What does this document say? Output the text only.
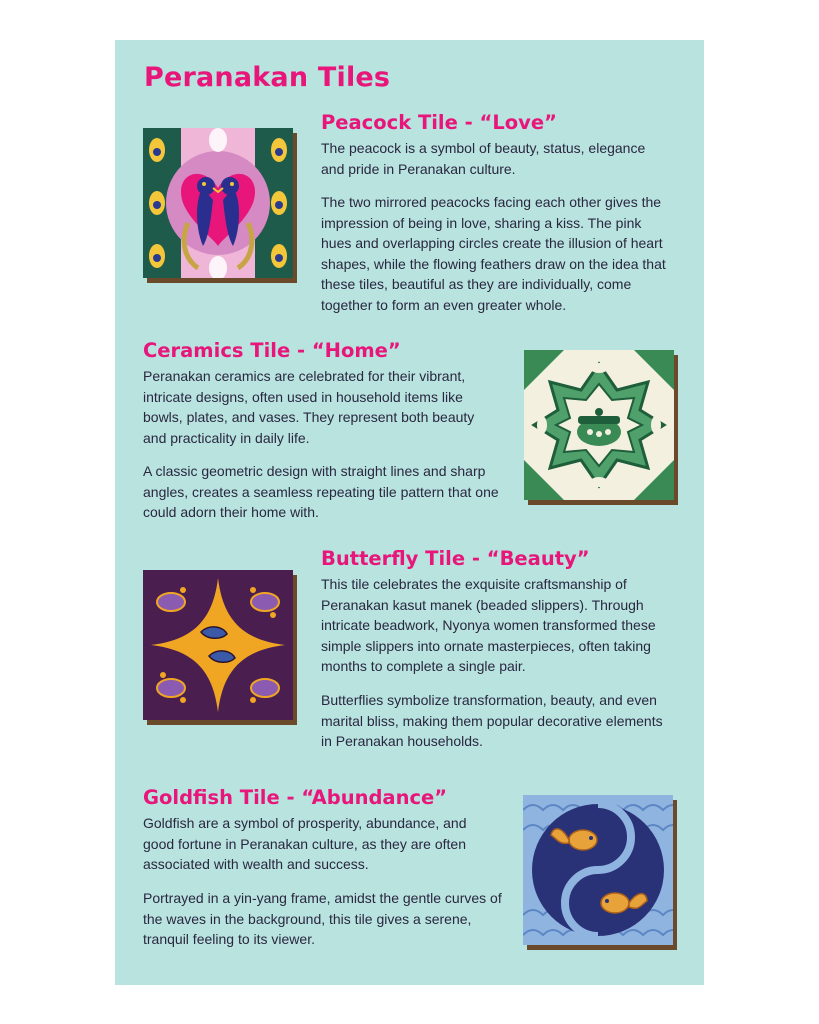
Peranakan Tiles
Peacock Tile - “Love”

The peacock is a symbol of beauty, status, elegance and pride in Peranakan culture.

The two mirrored peacocks facing each other gives the impression of being in love, sharing a kiss. The pink hues and overlapping circles create the illusion of heart shapes, while the flowing feathers draw on the idea that these tiles, beautiful as they are individually, come together to form an even greater whole.

Ceramics Tile - “Home”

Peranakan ceramics are celebrated for their vibrant, intricate designs, often used in household items like bowls, plates, and vases. They represent both beauty and practicality in daily life.

A classic geometric design with straight lines and sharp angles, creates a seamless repeating tile pattern that one could adorn their home with.

Butterfly Tile - “Beauty”

This tile celebrates the exquisite craftsmanship of Peranakan kasut manek (beaded slippers). Through intricate beadwork, Nyonya women transformed these simple slippers into ornate masterpieces, often taking months to complete a single pair.

Butterflies symbolize transformation, beauty, and even marital bliss, making them popular decorative elements in Peranakan households.

Goldfish Tile - “Abundance”

Goldfish are a symbol of prosperity, abundance, and good fortune in Peranakan culture, as they are often associated with wealth and success.

Portrayed in a yin-yang frame, amidst the gentle curves of the waves in the background, this tile gives a serene, tranquil feeling to its viewer.
